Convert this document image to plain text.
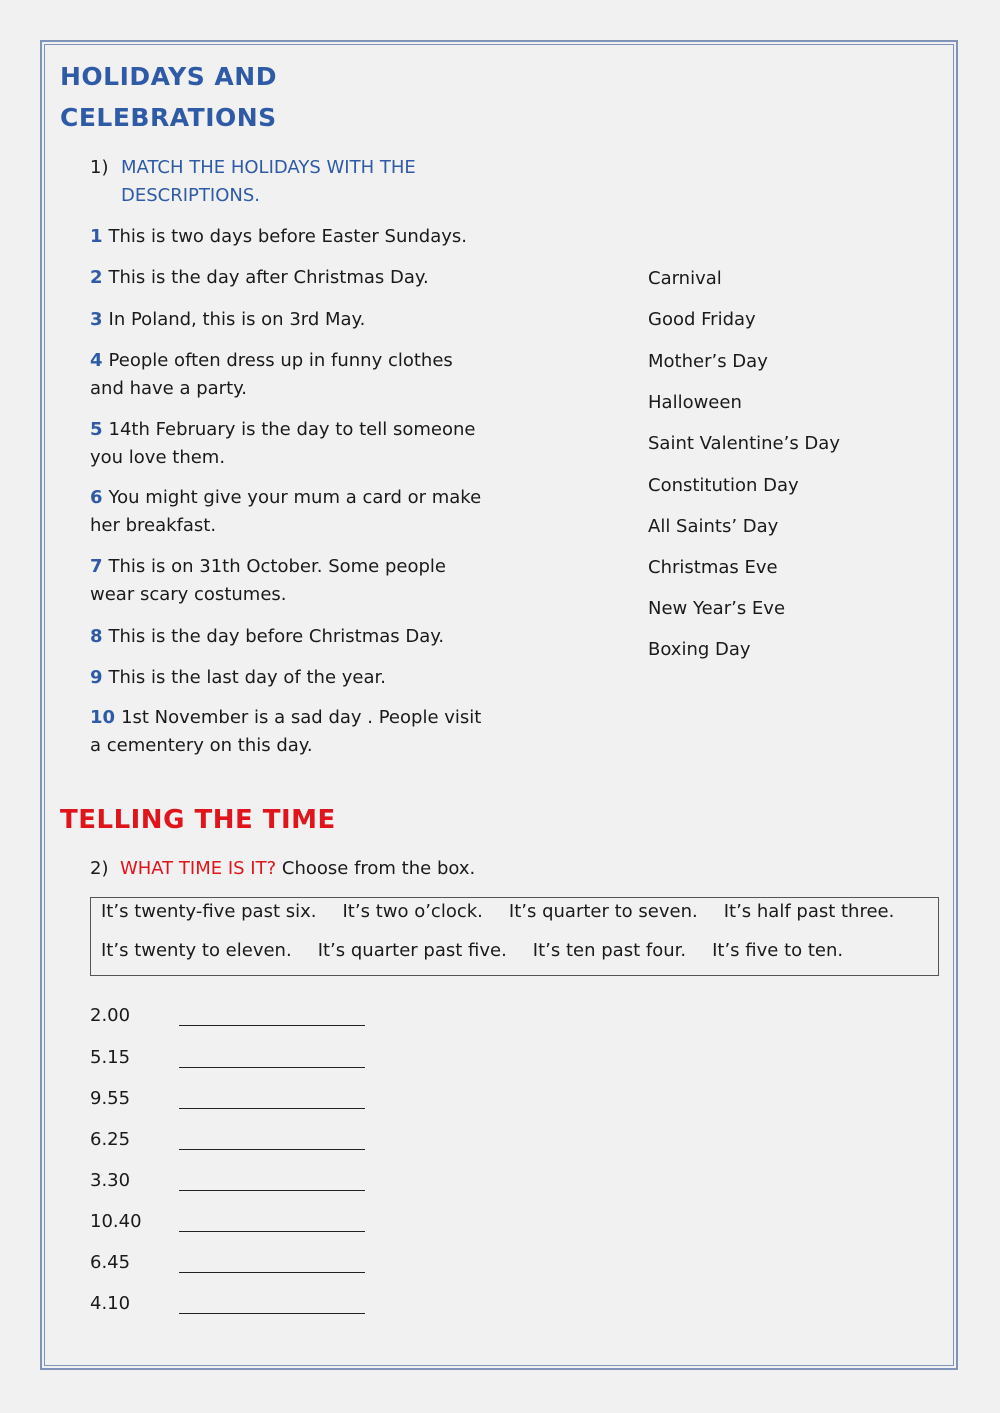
HOLIDAYS AND
CELEBRATIONS
1) MATCH THE HOLIDAYS WITH THE
DESCRIPTIONS.
1 This is two days before Easter Sundays.
2 This is the day after Christmas Day.
3 In Poland, this is on 3rd May.
4 People often dress up in funny clothes
and have a party.
5 14th February is the day to tell someone
you love them.
6 You might give your mum a card or make
her breakfast.
7 This is on 31th October. Some people
wear scary costumes.
8 This is the day before Christmas Day.
9 This is the last day of the year.
10 1st November is a sad day . People visit
a cementery on this day.
Carnival
Good Friday
Mother’s Day
Halloween
Saint Valentine’s Day
Constitution Day
All Saints’ Day
Christmas Eve
New Year’s Eve
Boxing Day
TELLING THE TIME
2) WHAT TIME IS IT? Choose from the box.
It’s twenty-five past six. It’s two o’clock. It’s quarter to seven. It’s half past three.
It’s twenty to eleven. It’s quarter past five. It’s ten past four. It’s five to ten.
2.00
5.15
9.55
6.25
3.30
10.40
6.45
4.10
